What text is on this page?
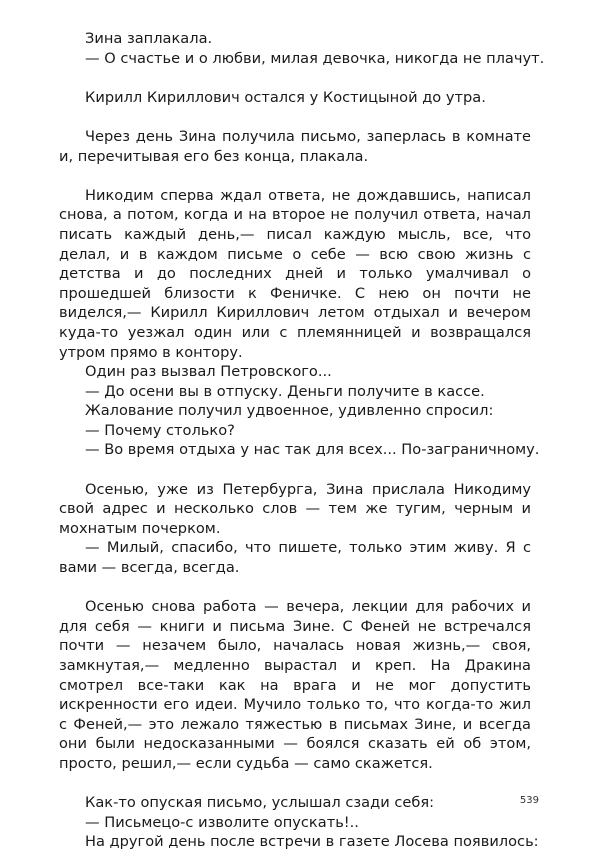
Зина заплакала.

— О счастье и о любви, милая девочка, никогда не плачут.

Кирилл Кириллович остался у Костицыной до утра.

Через день Зина получила письмо, заперлась в комнате и, перечитывая его без конца, плакала.

Никодим сперва ждал ответа, не дождавшись, написал снова, а потом, когда и на второе не получил ответа, начал писать каждый день,— писал каждую мысль, все, что делал, и в каждом письме о себе — всю свою жизнь с детства и до последних дней и только умалчивал о прошедшей близости к Феничке. С нею он почти не виделся,— Кирилл Кириллович летом отдыхал и вечером куда-то уезжал один или с племянницей и возвращался утром прямо в контору.

Один раз вызвал Петровского...

— До осени вы в отпуску. Деньги получите в кассе.

Жалование получил удвоенное, удивленно спросил:

— Почему столько?

— Во время отдыха у нас так для всех... По-заграничному.

Осенью, уже из Петербурга, Зина прислала Никодиму свой адрес и несколько слов — тем же тугим, черным и мохнатым почерком.

— Милый, спасибо, что пишете, только этим живу. Я с вами — всегда, всегда.

Осенью снова работа — вечера, лекции для рабочих и для себя — книги и письма Зине. С Феней не встречался почти — незачем было, началась новая жизнь,— своя, замкнутая,— медленно вырастал и креп. На Дракина смотрел все-таки как на врага и не мог допустить искренности его идеи. Мучило только то, что когда-то жил с Феней,— это лежало тяжестью в письмах Зине, и всегда они были недосказанными — боялся сказать ей об этом, просто, решил,— если судьба — само скажется.

Как-то опуская письмо, услышал сзади себя:

— Письмецо-с изволите опускать!..

На другой день после встречи в газете Лосева появилось:

539
